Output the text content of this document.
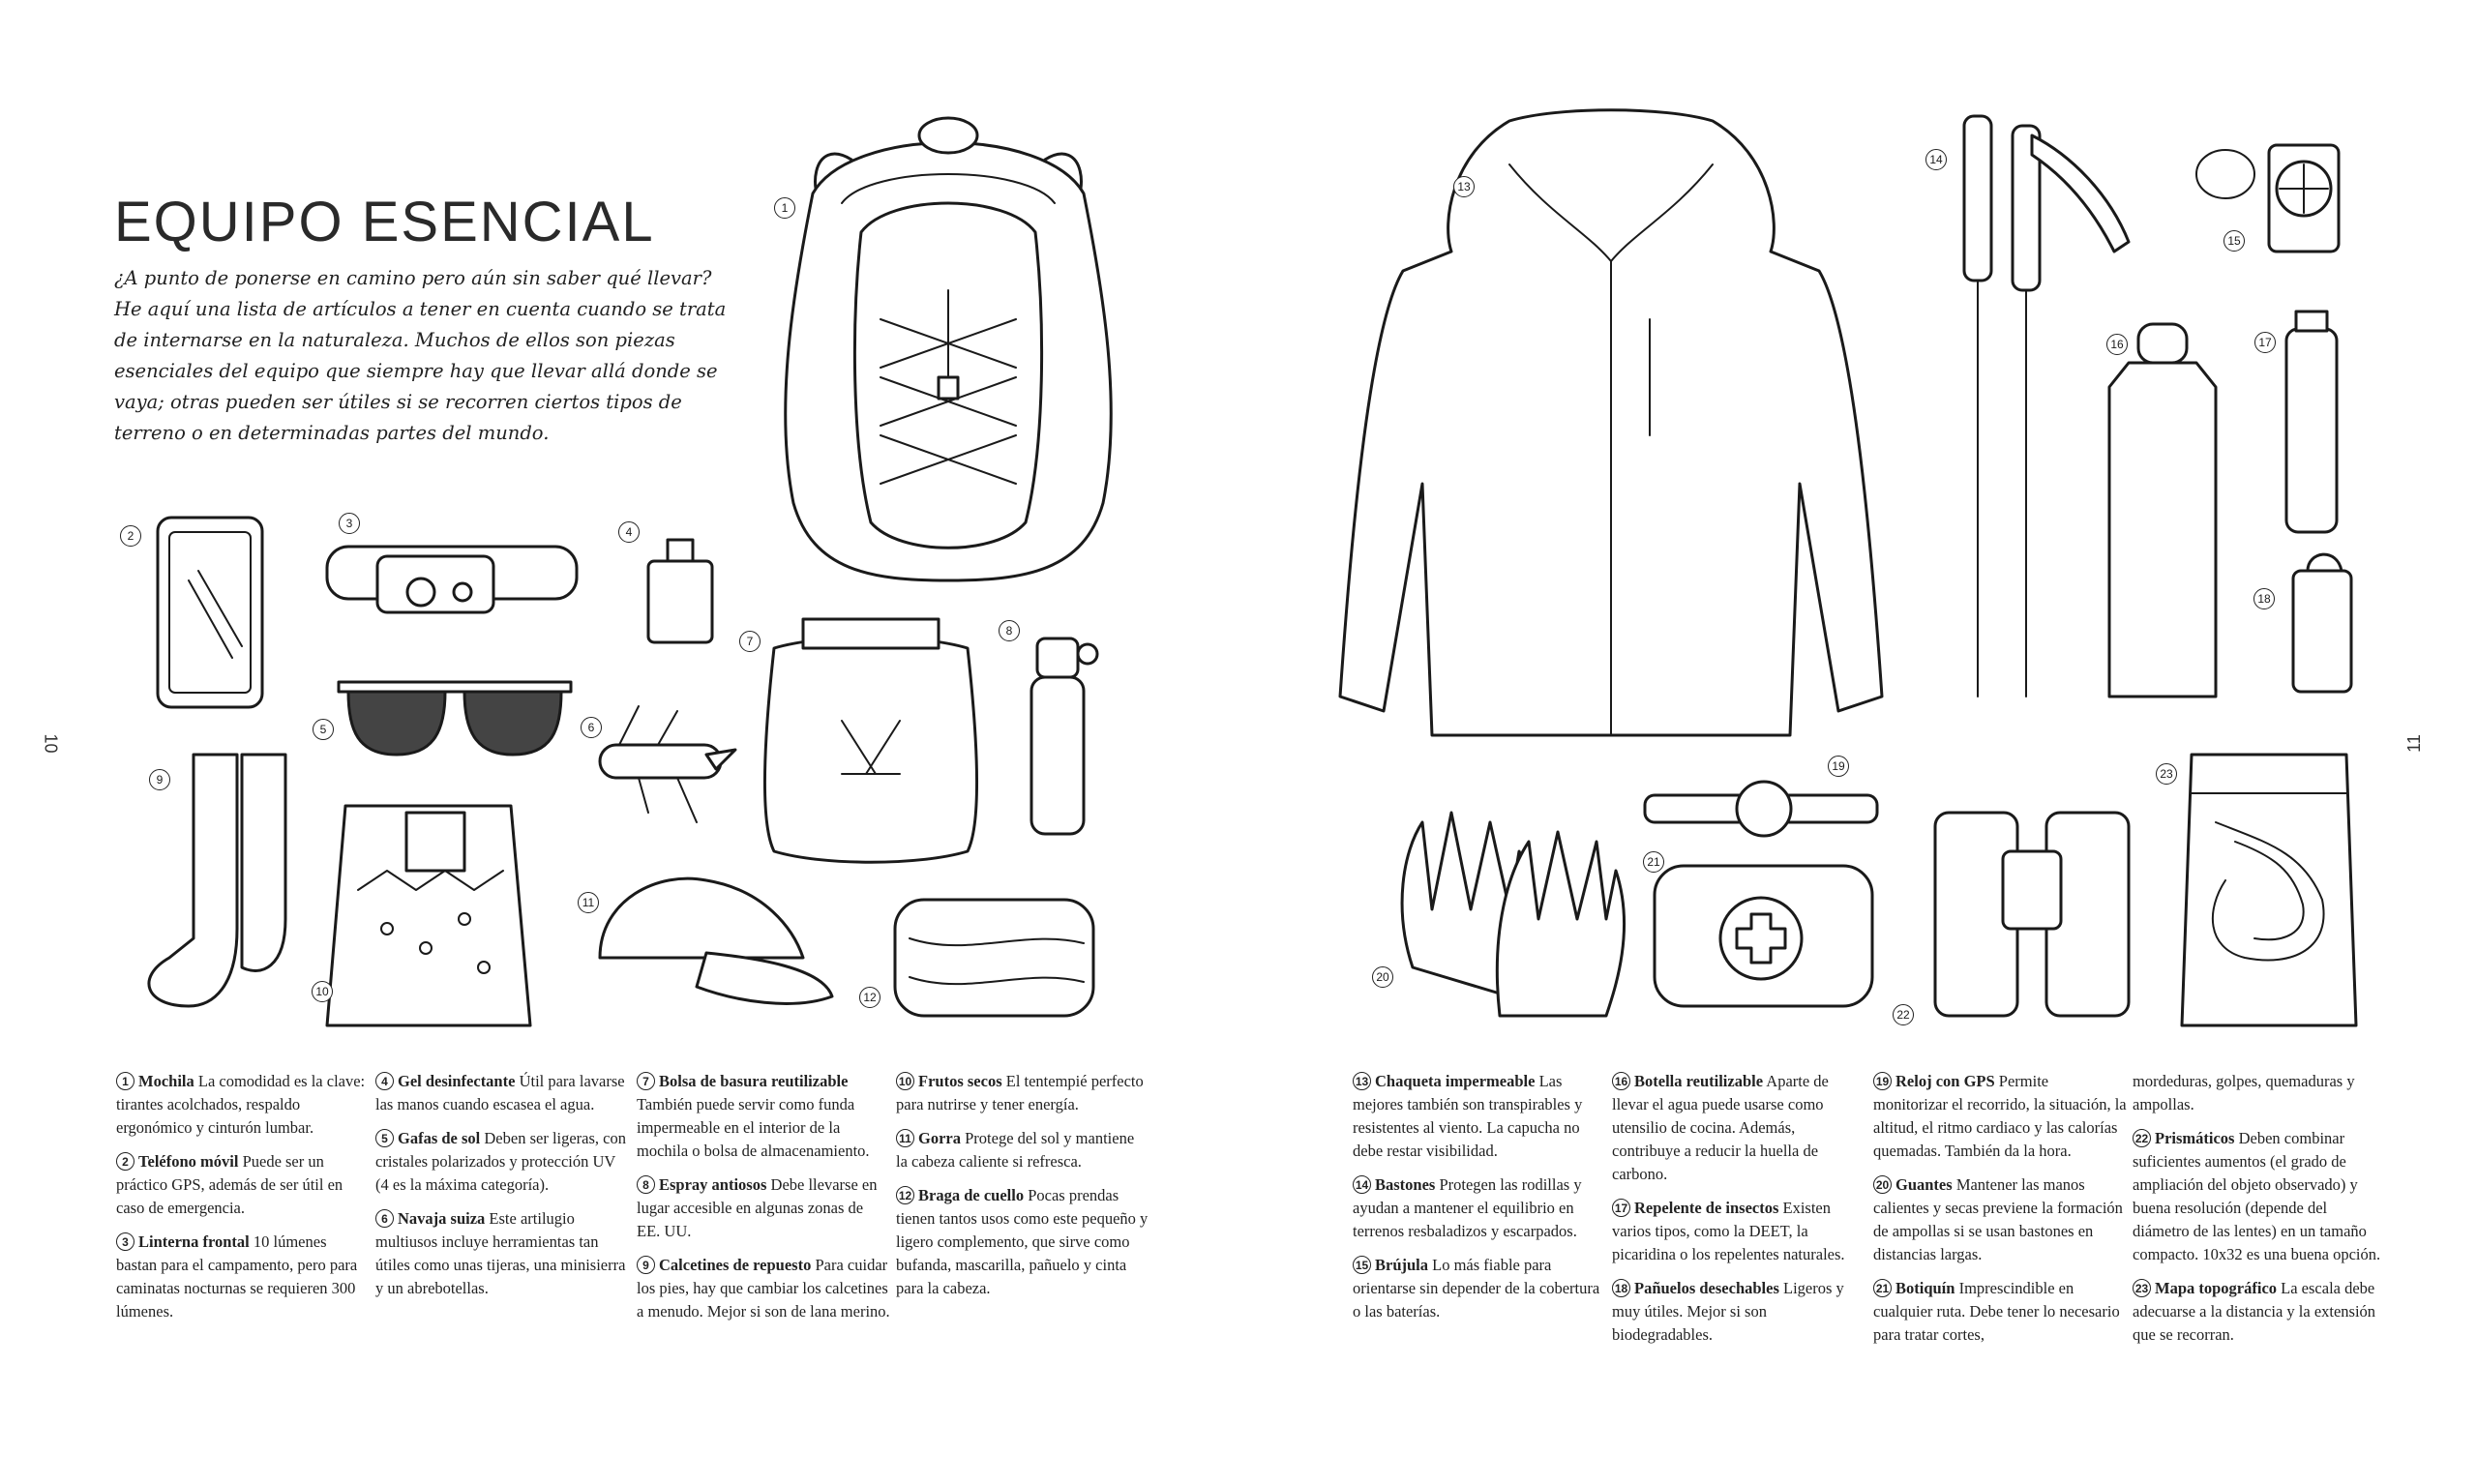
1
2
3
4
5	6
7
8
9
10
11
12
13
14
15
16	17
18
19
20
21
22
23
EQUIPO ESENCIAL
¿A punto de ponerse en camino pero aún sin saber qué llevar? He aquí una lista de artículos a tener en cuenta cuando se trata de internarse en la naturaleza. Muchos de ellos son piezas esenciales del equipo que siempre hay que llevar allá donde se vaya; otras pueden ser útiles si se recorren ciertos tipos de terreno o en determinadas partes del mundo.
10	11

1 Mochila La comodidad es la clave: tirantes acolchados, respaldo ergonómico y cinturón lumbar.

2 Teléfono móvil Puede ser un práctico GPS, además de ser útil en caso de emergencia.

3 Linterna frontal 10 lúmenes bastan para el campamento, pero para caminatas nocturnas se requieren 300 lúmenes.

4 Gel desinfectante Útil para lavarse las manos cuando escasea el agua.

5 Gafas de sol Deben ser ligeras, con cristales polarizados y protección UV (4 es la máxima categoría).

6 Navaja suiza Este artilugio multiusos incluye herramientas tan útiles como unas tijeras, una minisierra y un abrebotellas.

7 Bolsa de basura reutilizable También puede servir como funda impermeable en el interior de la mochila o bolsa de almacenamiento.

8 Espray antiosos Debe llevarse en lugar accesible en algunas zonas de EE. UU.

9 Calcetines de repuesto Para cuidar los pies, hay que cambiar los calcetines a menudo. Mejor si son de lana merino.

10 Frutos secos El tentempié perfecto para nutrirse y tener energía.

11 Gorra Protege del sol y mantiene la cabeza caliente si refresca.

12 Braga de cuello Pocas prendas tienen tantos usos como este pequeño y ligero complemento, que sirve como bufanda, mascarilla, pañuelo y cinta para la cabeza.

13 Chaqueta impermeable Las mejores también son transpirables y resistentes al viento. La capucha no debe restar visibilidad.

14 Bastones Protegen las rodillas y ayudan a mantener el equilibrio en terrenos resbaladizos y escarpados.

15 Brújula Lo más fiable para orientarse sin depender de la cobertura o las baterías.

16 Botella reutilizable Aparte de llevar el agua puede usarse como utensilio de cocina. Además, contribuye a reducir la huella de carbono.

17 Repelente de insectos Existen varios tipos, como la DEET, la picaridina o los repelentes naturales.

18 Pañuelos desechables Ligeros y muy útiles. Mejor si son biodegradables.

19 Reloj con GPS Permite monitorizar el recorrido, la situación, la altitud, el ritmo cardiaco y las calorías quemadas. También da la hora.

20 Guantes Mantener las manos calientes y secas previene la formación de ampollas si se usan bastones en distancias largas.

21 Botiquín Imprescindible en cualquier ruta. Debe tener lo necesario para tratar cortes,

mordeduras, golpes, quemaduras y ampollas.

22 Prismáticos Deben combinar suficientes aumentos (el grado de ampliación del objeto observado) y buena resolución (depende del diámetro de las lentes) en un tamaño compacto. 10x32 es una buena opción.

23 Mapa topográfico La escala debe adecuarse a la distancia y la extensión que se recorran.
